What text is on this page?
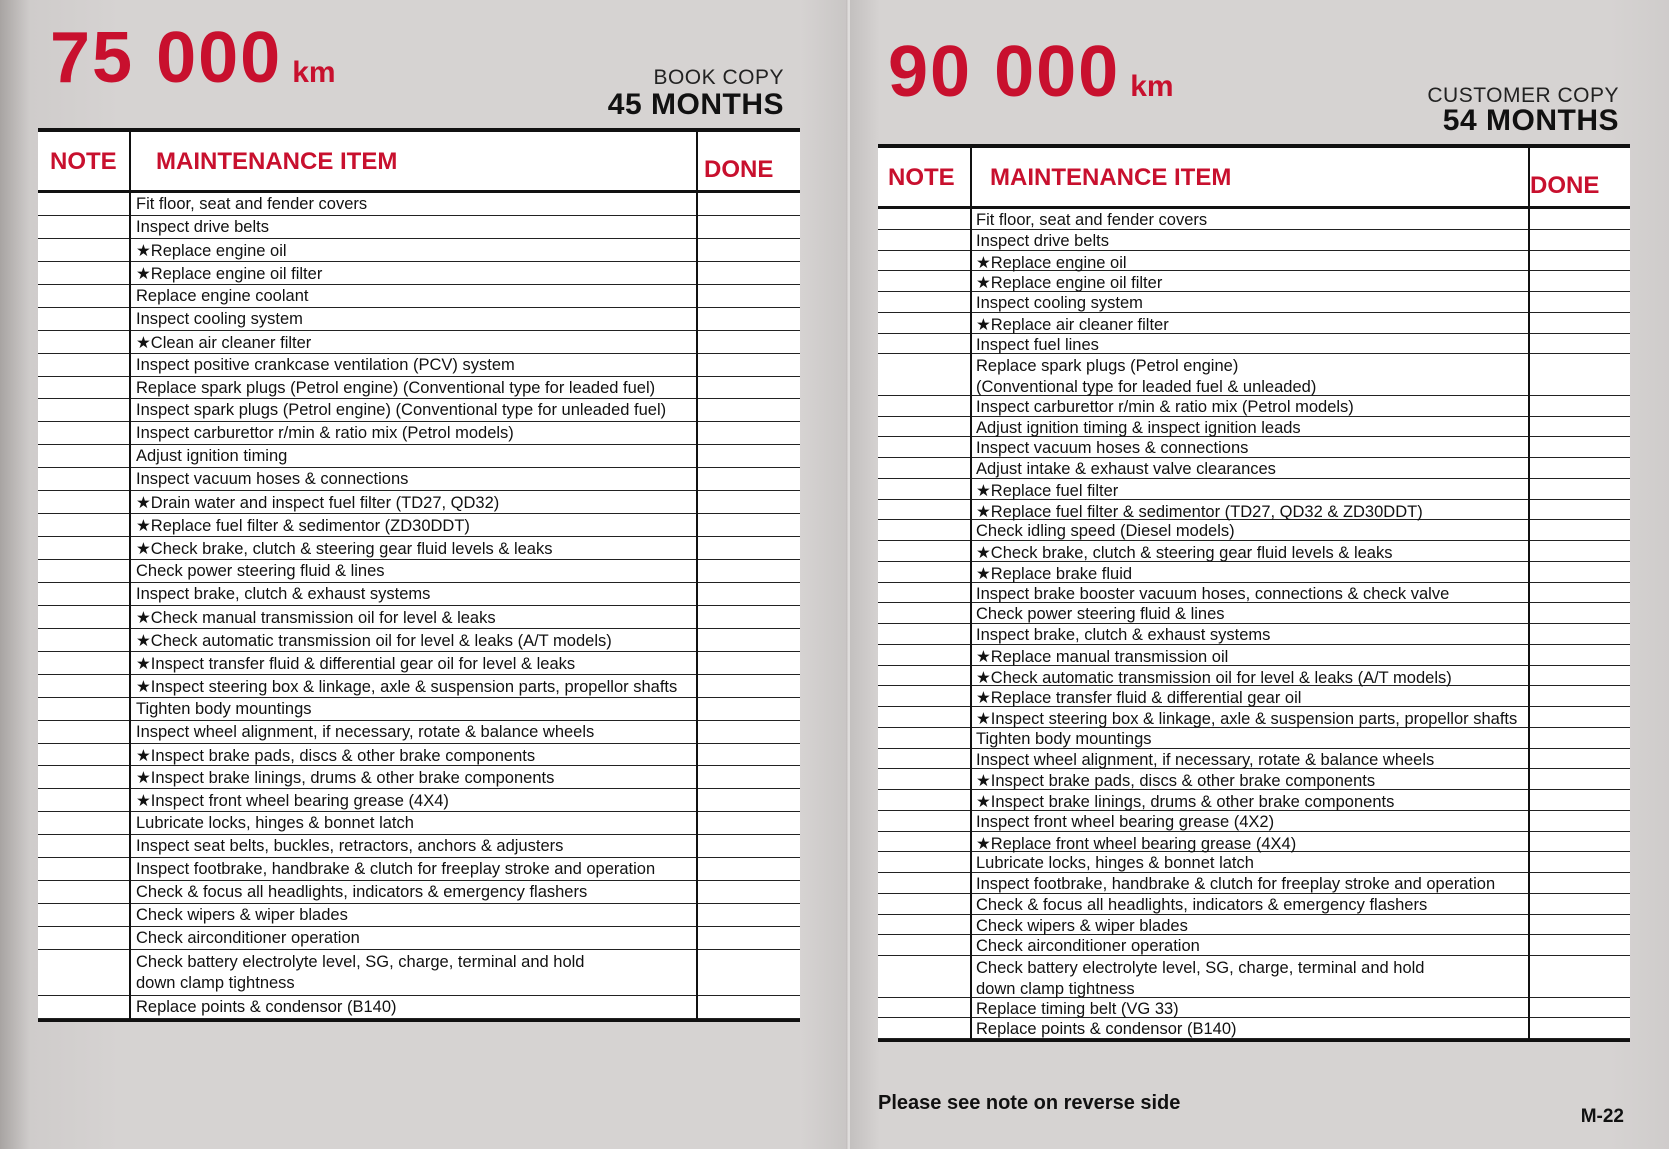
75 000 km	BOOK COPY
45 MONTHS
NOTE MAINTENANCE ITEM	DONE
Fit floor, seat and fender covers
Inspect drive belts
★Replace engine oil
★Replace engine oil filter
Replace engine coolant
Inspect cooling system
★Clean air cleaner filter
Inspect positive crankcase ventilation (PCV) system
Replace spark plugs (Petrol engine) (Conventional type for leaded fuel)
Inspect spark plugs (Petrol engine) (Conventional type for unleaded fuel)
Inspect carburettor r/min & ratio mix (Petrol models)
Adjust ignition timing
Inspect vacuum hoses & connections
★Drain water and inspect fuel filter (TD27, QD32)
★Replace fuel filter & sedimentor (ZD30DDT)
★Check brake, clutch & steering gear fluid levels & leaks
Check power steering fluid & lines
Inspect brake, clutch & exhaust systems
★Check manual transmission oil for level & leaks
★Check automatic transmission oil for level & leaks (A/T models)
★Inspect transfer fluid & differential gear oil for level & leaks
★Inspect steering box & linkage, axle & suspension parts, propellor shafts
Tighten body mountings
Inspect wheel alignment, if necessary, rotate & balance wheels
★Inspect brake pads, discs & other brake components
★Inspect brake linings, drums & other brake components
★Inspect front wheel bearing grease (4X4)
Lubricate locks, hinges & bonnet latch
Inspect seat belts, buckles, retractors, anchors & adjusters
Inspect footbrake, handbrake & clutch for freeplay stroke and operation
Check & focus all headlights, indicators & emergency flashers
Check wipers & wiper blades
Check airconditioner operation
Check battery electrolyte level, SG, charge, terminal and hold
down clamp tightness
Replace points & condensor (B140)
90 000 km	CUSTOMER COPY
54 MONTHS
NOTE MAINTENANCE ITEM	DONE
Fit floor, seat and fender covers
Inspect drive belts
★Replace engine oil
★Replace engine oil filter
Inspect cooling system
★Replace air cleaner filter
Inspect fuel lines
Replace spark plugs (Petrol engine)
(Conventional type for leaded fuel & unleaded)
Inspect carburettor r/min & ratio mix (Petrol models)
Adjust ignition timing & inspect ignition leads
Inspect vacuum hoses & connections
Adjust intake & exhaust valve clearances
★Replace fuel filter
★Replace fuel filter & sedimentor (TD27, QD32 & ZD30DDT)
Check idling speed (Diesel models)
★Check brake, clutch & steering gear fluid levels & leaks
★Replace brake fluid
Inspect brake booster vacuum hoses, connections & check valve
Check power steering fluid & lines
Inspect brake, clutch & exhaust systems
★Replace manual transmission oil
★Check automatic transmission oil for level & leaks (A/T models)
★Replace transfer fluid & differential gear oil
★Inspect steering box & linkage, axle & suspension parts, propellor shafts
Tighten body mountings
Inspect wheel alignment, if necessary, rotate & balance wheels
★Inspect brake pads, discs & other brake components
★Inspect brake linings, drums & other brake components
Inspect front wheel bearing grease (4X2)
★Replace front wheel bearing grease (4X4)
Lubricate locks, hinges & bonnet latch
Inspect footbrake, handbrake & clutch for freeplay stroke and operation
Check & focus all headlights, indicators & emergency flashers
Check wipers & wiper blades
Check airconditioner operation
Check battery electrolyte level, SG, charge, terminal and hold
down clamp tightness
Replace timing belt (VG 33)
Replace points & condensor (B140)
Please see note on reverse side
M-22
